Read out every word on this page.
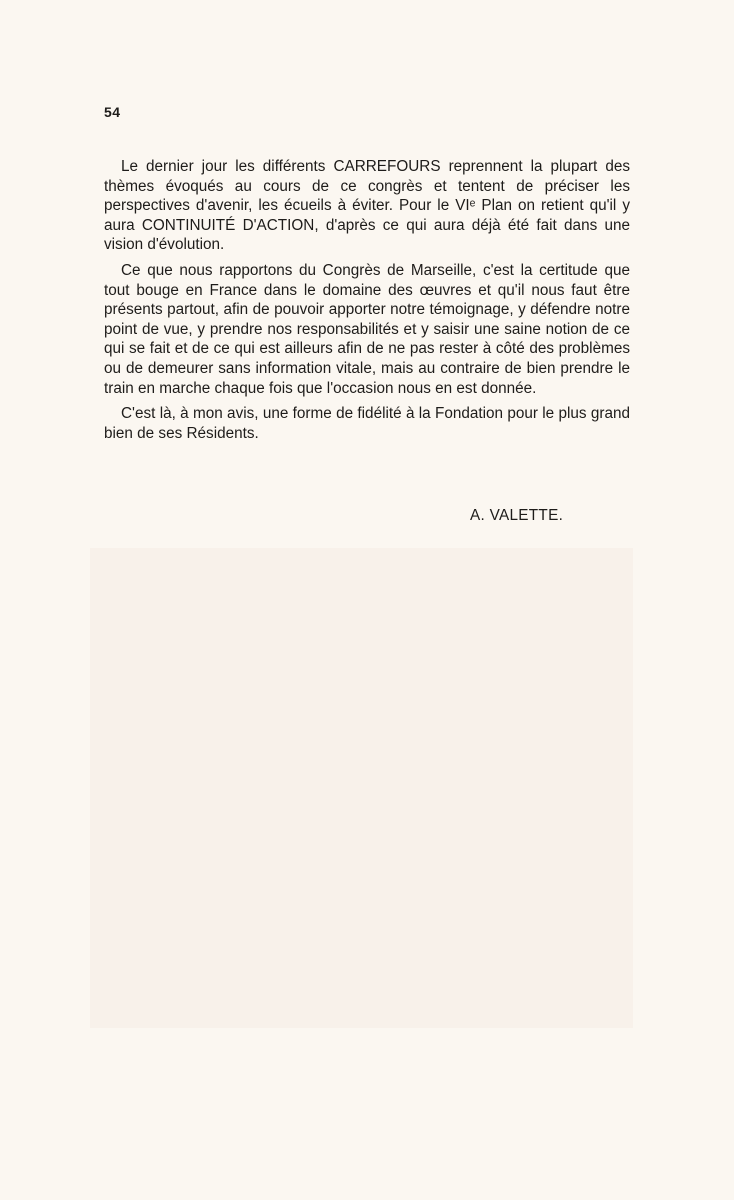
54

Le dernier jour les différents CARREFOURS reprennent la plupart des thèmes évoqués au cours de ce congrès et tentent de préciser les perspectives d'avenir, les écueils à éviter. Pour le VIᵉ Plan on retient qu'il y aura CONTINUITÉ D'ACTION, d'après ce qui aura déjà été fait dans une vision d'évolution.

Ce que nous rapportons du Congrès de Marseille, c'est la certitude que tout bouge en France dans le domaine des œuvres et qu'il nous faut être présents partout, afin de pouvoir apporter notre témoignage, y défendre notre point de vue, y prendre nos responsabilités et y saisir une saine notion de ce qui se fait et de ce qui est ailleurs afin de ne pas rester à côté des problèmes ou de demeurer sans information vitale, mais au contraire de bien prendre le train en marche chaque fois que l'occasion nous en est donnée.

C'est là, à mon avis, une forme de fidélité à la Fondation pour le plus grand bien de ses Résidents.

A. VALETTE.
